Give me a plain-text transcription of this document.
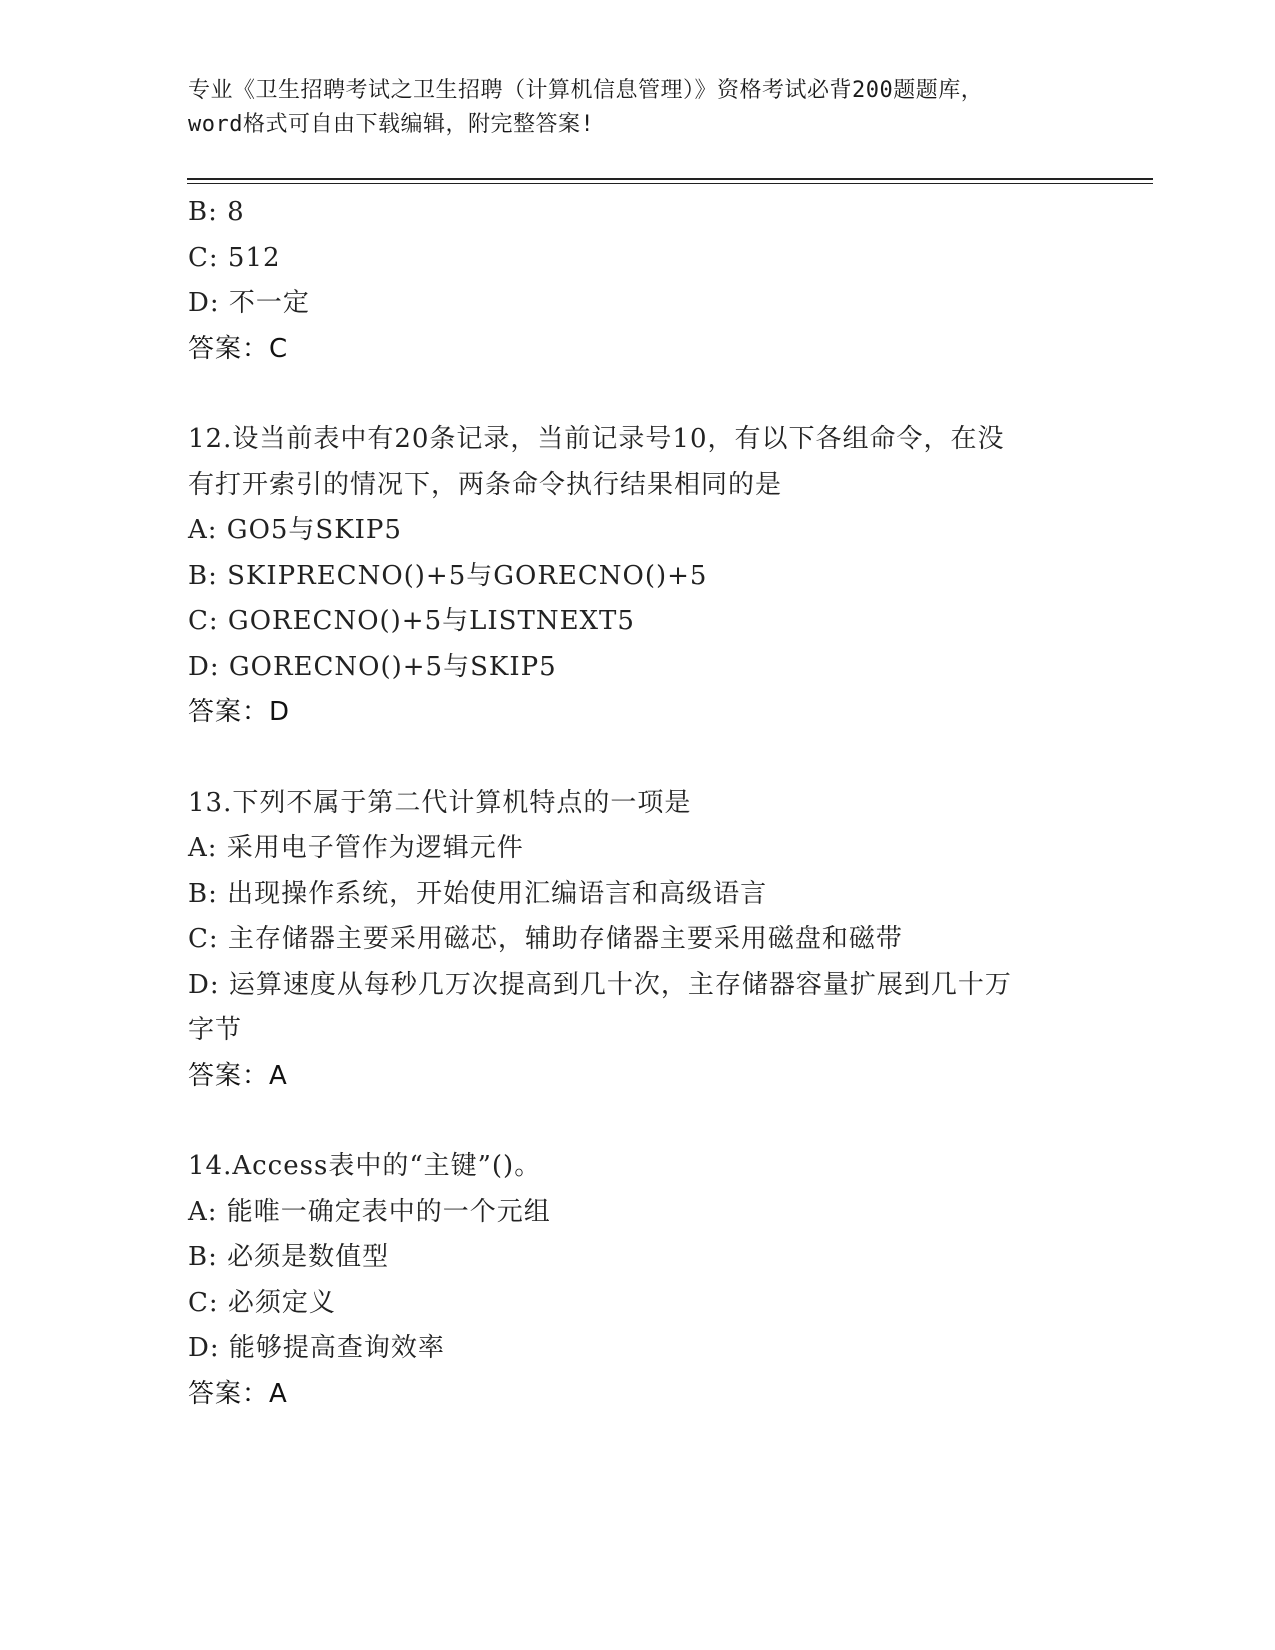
专业《卫生招聘考试之卫生招聘（计算机信息管理）》资格考试必背200题题库，
word格式可自由下载编辑，附完整答案!
B: 8
C: 512
D: 不一定
答案：C
12.设当前表中有20条记录，当前记录号10，有以下各组命令，在没
有打开索引的情况下，两条命令执行结果相同的是
A: GO5与SKIP5
B: SKIPRECNO()+5与GORECNO()+5
C: GORECNO()+5与LISTNEXT5
D: GORECNO()+5与SKIP5
答案：D
13.下列不属于第二代计算机特点的一项是
A: 采用电子管作为逻辑元件
B: 出现操作系统，开始使用汇编语言和高级语言
C: 主存储器主要采用磁芯，辅助存储器主要采用磁盘和磁带
D: 运算速度从每秒几万次提高到几十次，主存储器容量扩展到几十万
字节
答案：A
14.Access表中的“主键”()。
A: 能唯一确定表中的一个元组
B: 必须是数值型
C: 必须定义
D: 能够提高查询效率
答案：A
